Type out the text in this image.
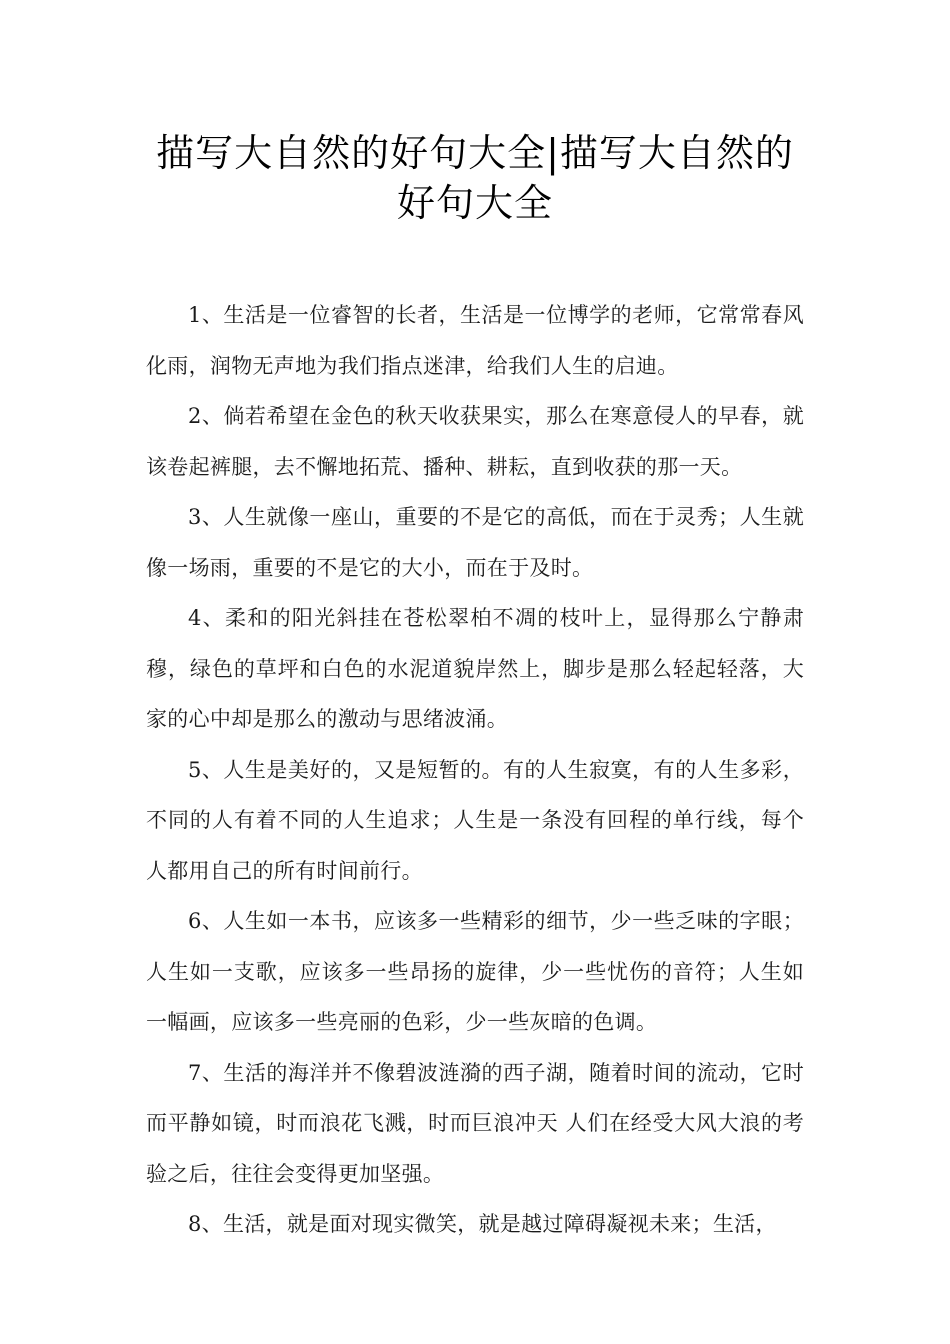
描写大自然的好句大全|描写大自然的好句大全

1、生活是一位睿智的长者，生活是一位博学的老师，它常常春风化雨，润物无声地为我们指点迷津，给我们人生的启迪。

2、倘若希望在金色的秋天收获果实，那么在寒意侵人的早春，就该卷起裤腿，去不懈地拓荒、播种、耕耘，直到收获的那一天。

3、人生就像一座山，重要的不是它的高低，而在于灵秀；人生就像一场雨，重要的不是它的大小，而在于及时。

4、柔和的阳光斜挂在苍松翠柏不凋的枝叶上，显得那么宁静肃穆，绿色的草坪和白色的水泥道貌岸然上，脚步是那么轻起轻落，大家的心中却是那么的激动与思绪波涌。

5、人生是美好的，又是短暂的。有的人生寂寞，有的人生多彩，不同的人有着不同的人生追求；人生是一条没有回程的单行线，每个人都用自己的所有时间前行。

6、人生如一本书，应该多一些精彩的细节，少一些乏味的字眼；人生如一支歌，应该多一些昂扬的旋律，少一些忧伤的音符；人生如一幅画，应该多一些亮丽的色彩，少一些灰暗的色调。

7、生活的海洋并不像碧波涟漪的西子湖，随着时间的流动，它时而平静如镜，时而浪花飞溅，时而巨浪冲天 人们在经受大风大浪的考验之后，往往会变得更加坚强。

8、生活，就是面对现实微笑，就是越过障碍凝视未来；生活，
